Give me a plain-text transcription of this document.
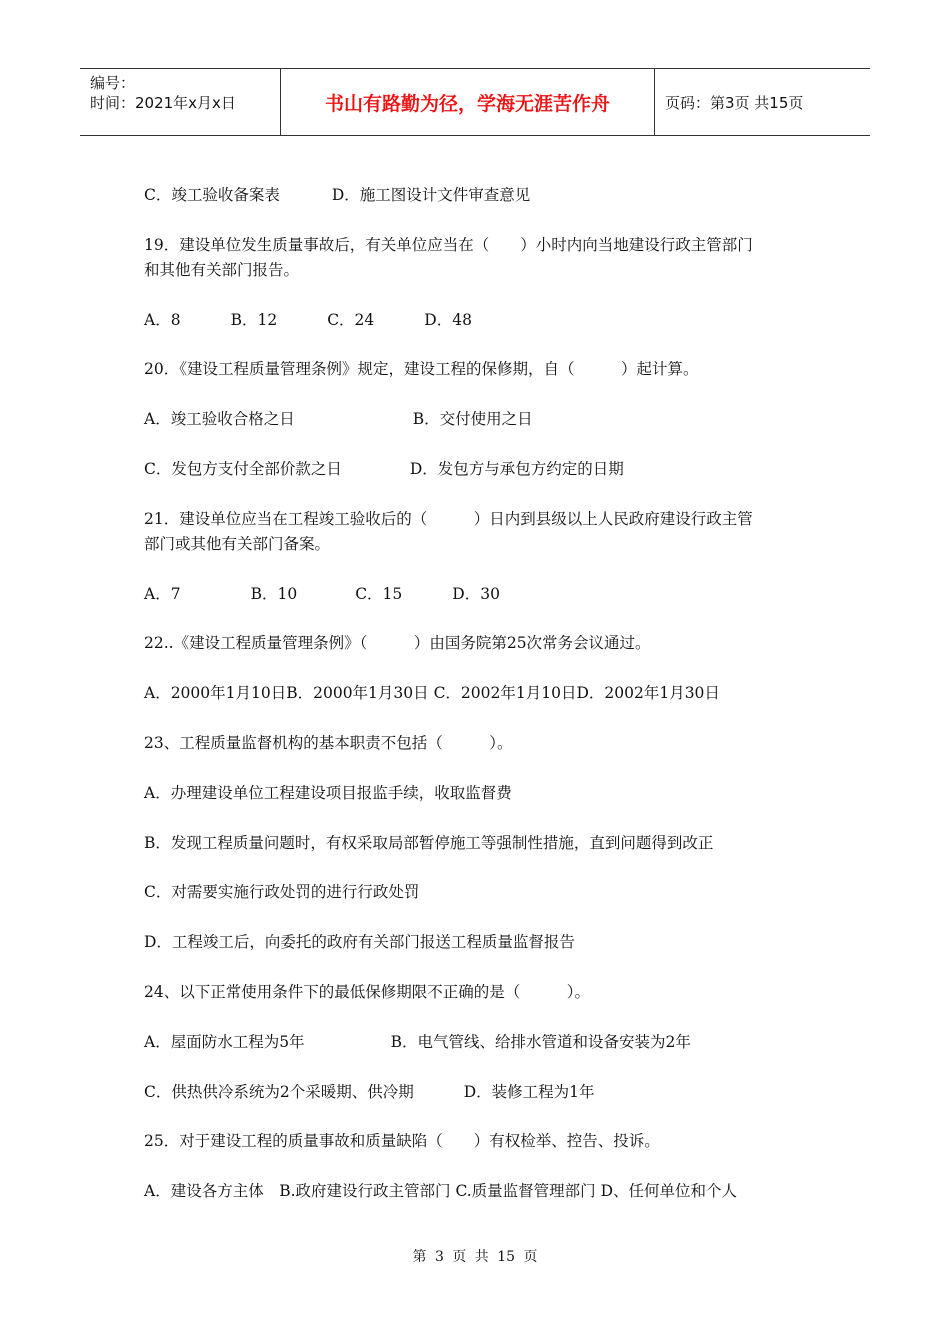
编号：
时间：2021年x月x日	书山有路勤为径，学海无涯苦作舟	页码：第3页 共15页
C．竣工验收备案表	D．施工图设计文件审查意见
19．建设单位发生质量事故后，有关单位应当在（　　）小时内向当地建设行政主管部门
和其他有关部门报告。
A．8	B．12	C．24	D．48
20．《建设工程质量管理条例》规定，建设工程的保修期，自（　　　）起计算。
A．竣工验收合格之日	B．交付使用之日
C．发包方支付全部价款之日	D．发包方与承包方约定的日期
21．建设单位应当在工程竣工验收后的（　　　）日内到县级以上人民政府建设行政主管
部门或其他有关部门备案。
A．7	B．10	C．15	D．30
22..《建设工程质量管理条例》（　　　）由国务院第25次常务会议通过。
A．2000年1月10日B．2000年1月30日 C．2002年1月10日D．2002年1月30日
23、工程质量监督机构的基本职责不包括（　　　）。
A．办理建设单位工程建设项目报监手续，收取监督费
B．发现工程质量问题时，有权采取局部暂停施工等强制性措施，直到问题得到改正
C．对需要实施行政处罚的进行行政处罚
D．工程竣工后，向委托的政府有关部门报送工程质量监督报告
24、以下正常使用条件下的最低保修期限不正确的是（　　　）。
A．屋面防水工程为5年	B．电气管线、给排水管道和设备安装为2年
C．供热供冷系统为2个采暖期、供冷期	D．装修工程为1年
25．对于建设工程的质量事故和质量缺陷（　　）有权检举、控告、投诉。
A．建设各方主体　B.政府建设行政主管部门 C.质量监督管理部门 D、任何单位和个人
第 3 页 共 15 页
